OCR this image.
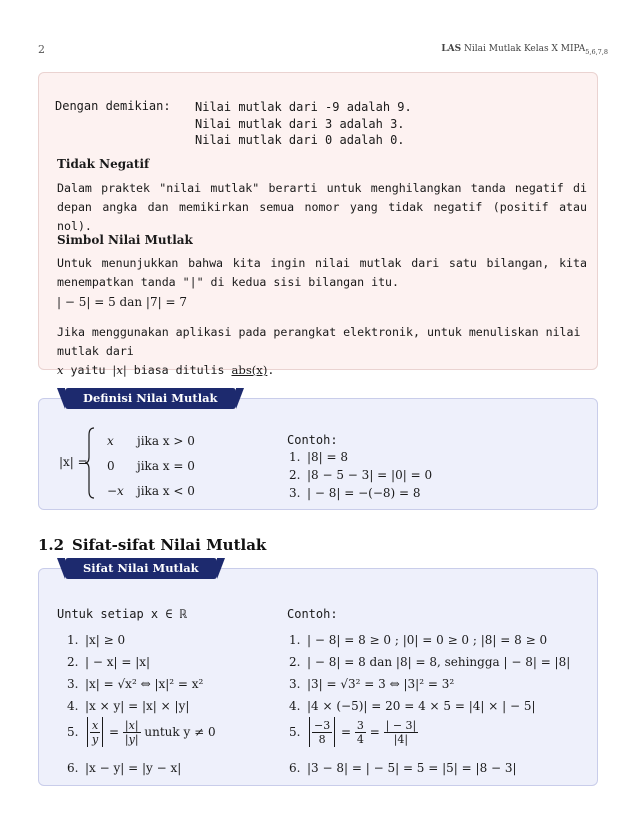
2	LAS Nilai Mutlak Kelas X $MIPA_{5,6,7,8}$
Dengan demikian: Nilai mutlak dari -9 adalah 9.
Nilai mutlak dari 3 adalah 3.
Nilai mutlak dari 0 adalah 0.
Tidak Negatif
Dalam praktek "nilai mutlak" berarti untuk menghilangkan tanda negatif di depan angka dan memikirkan semua nomor yang tidak negatif (positif atau nol).
Simbol Nilai Mutlak
Untuk menunjukkan bahwa kita ingin nilai mutlak dari satu bilangan, kita menempatkan tanda "|" di kedua sisi bilangan itu.
| − 5| = 5 dan |7| = 7
Jika menggunakan aplikasi pada perangkat elektronik, untuk menuliskan nilai mutlak dari
x yaitu |x| biasa ditulis abs(x).
Definisi Nilai Mutlak
|x| =
x jika x > 0
0 jika x = 0
−x jika x < 0
Contoh:
1. |8| = 8
2. |8 − 5 − 3| = |0| = 0
3. | − 8| = −(−8) = 8
1.2 Sifat-sifat Nilai Mutlak
Sifat Nilai Mutlak
Untuk setiap x ∈ ℝ	Contoh:
1. |x| ≥ 0
2. | − x| = |x|
3. |x| = √x² ⇔ |x|² = x²
4. |x × y| = |x| × |y|
5. $\frac{x}{y} = \frac{|x|}{|y|}$ untuk y ≠ 0
6. |x − y| = |y − x|
1. | − 8| = 8 ≥ 0 ; |0| = 0 ≥ 0 ; |8| = 8 ≥ 0
2. | − 8| = 8 dan |8| = 8, sehingga | − 8| = |8|
3. |3| = √3² = 3 ⇔ |3|² = 3²
4. |4 × (−5)| = 20 = 4 × 5 = |4| × | − 5|
5. $\frac{-3}{8} = \frac{3}{4} = \frac{| - 3|}{|4|}$
6. |3 − 8| = | − 5| = 5 = |5| = |8 − 3|
